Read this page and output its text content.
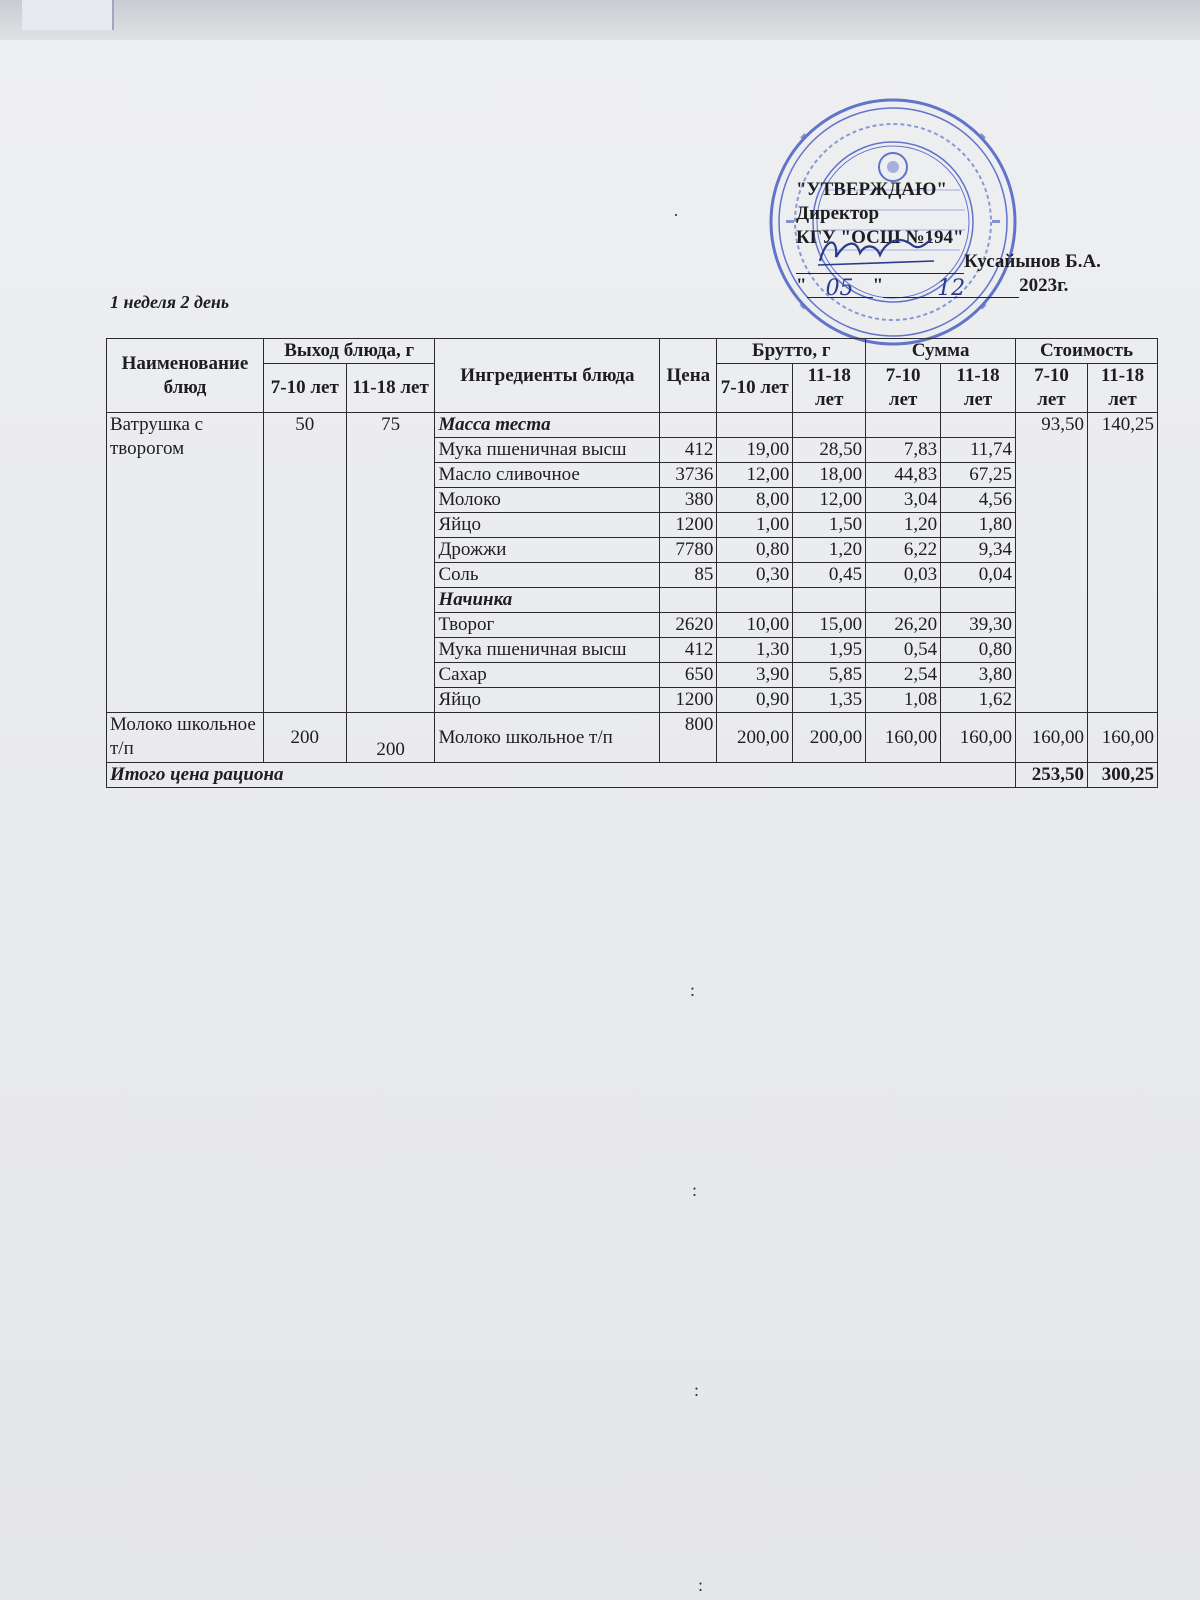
"УТВЕРЖДАЮ"
Директор
КГУ "ОСШ №194"
Кусайынов Б.А.
" 05	"	12	2023г.
1 неделя 2 день
Наименование блюд	Выход блюда, г		Ингредиенты блюда	Цена	Брутто, г		Сумма		Стоимость	
	7-10 лет	11-18 лет			7-10 лет	11-18 лет	7-10 лет	11-18 лет	7-10 лет	11-18 лет
Ватрушка с творогом	50	75	Масса теста						93,50	140,25
			Мука пшеничная высш	412	19,00	28,50	7,83	11,74		
			Масло сливочное	3736	12,00	18,00	44,83	67,25		
			Молоко	380	8,00	12,00	3,04	4,56		
			Яйцо	1200	1,00	1,50	1,20	1,80		
			Дрожжи	7780	0,80	1,20	6,22	9,34		
			Соль	85	0,30	0,45	0,03	0,04		
			Начинка							
			Творог	2620	10,00	15,00	26,20	39,30		
			Мука пшеничная высш	412	1,30	1,95	0,54	0,80		
			Сахар	650	3,90	5,85	2,54	3,80		
			Яйцо	1200	0,90	1,35	1,08	1,62		
Молоко школьное т/п	200	200	Молоко школьное т/п	800	200,00	200,00	160,00	160,00	160,00	160,00
Итого цена рациона									253,50	300,25
·
:
:
:
:
